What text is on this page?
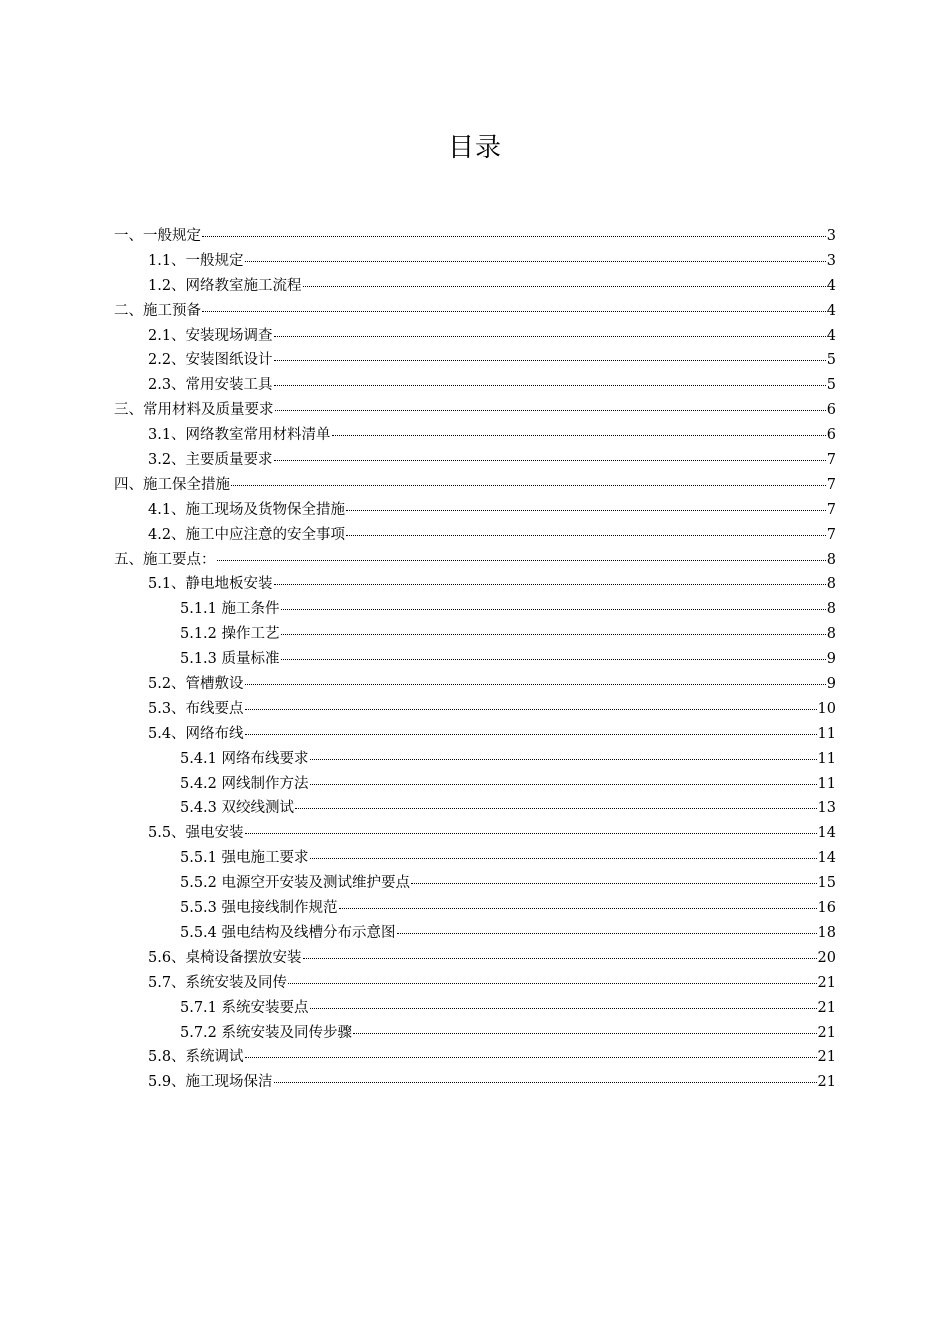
目录
一、一般规定	3
1.1、一般规定	3
1.2、网络教室施工流程	4
二、施工预备	4
2.1、安装现场调查	4
2.2、安装图纸设计	5
2.3、常用安装工具	5
三、常用材料及质量要求	6
3.1、网络教室常用材料清单	6
3.2、主要质量要求	7
四、施工保全措施	7
4.1、施工现场及货物保全措施	7
4.2、施工中应注意的安全事项	7
五、施工要点：	8
5.1、静电地板安装	8
5.1.1 施工条件	8
5.1.2 操作工艺	8
5.1.3 质量标准	9
5.2、管槽敷设	9
5.3、布线要点	10
5.4、网络布线	11
5.4.1 网络布线要求	11
5.4.2 网线制作方法	11
5.4.3 双绞线测试	13
5.5、强电安装	14
5.5.1 强电施工要求	14
5.5.2 电源空开安装及测试维护要点	15
5.5.3 强电接线制作规范	16
5.5.4 强电结构及线槽分布示意图	18
5.6、桌椅设备摆放安装	20
5.7、系统安装及同传	21
5.7.1 系统安装要点	21
5.7.2 系统安装及同传步骤	21
5.8、系统调试	21
5.9、施工现场保洁	21
